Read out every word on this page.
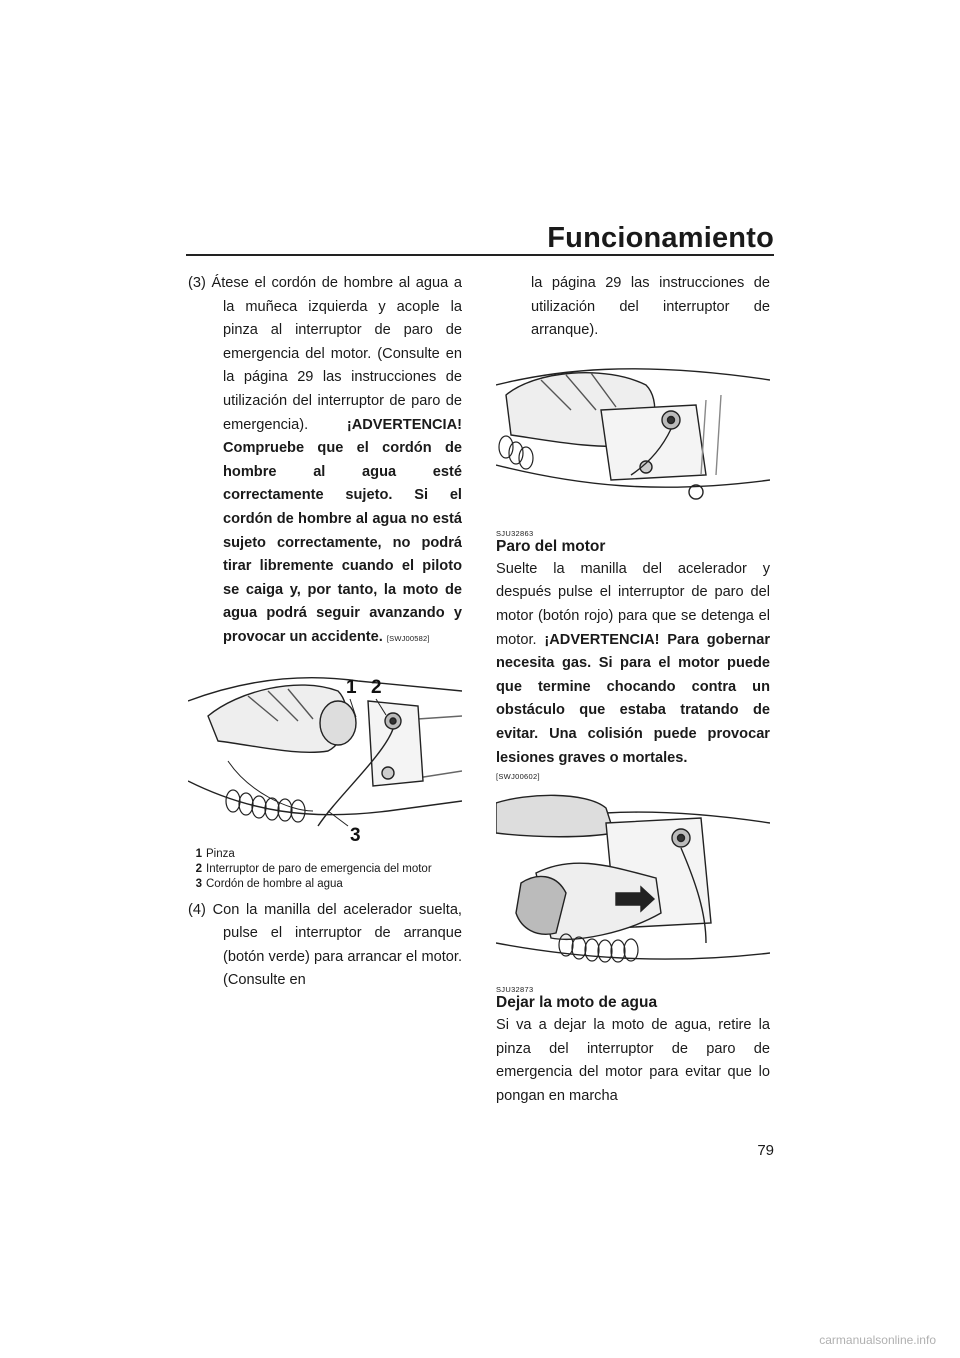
Funcionamiento

(3) Átese el cordón de hombre al agua a la muñeca izquierda y acople la pinza al interruptor de paro de emergencia del motor. (Consulte en la página 29 las instrucciones de utilización del interruptor de paro de emergencia).	¡ADVERTENCIA! Compruebe que el cordón de hombre al agua esté correctamente sujeto. Si el cordón de hombre al agua no está sujeto correctamente, no podrá tirar libremente cuando el piloto se caiga y, por tanto, la moto de agua podrá seguir avanzando y provocar un accidente. [SWJ00582]

1 2
3
1 Pinza
2 Interruptor de paro de emergencia del motor
3 Cordón de hombre al agua

(4) Con la manilla del acelerador suelta, pulse el interruptor de arranque (botón verde) para arrancar el motor. (Consulte en

la página 29 las instrucciones de utilización del interruptor de arranque).

SJU32863
Paro del motor

Suelte la manilla del acelerador y después pulse el interruptor de paro del motor (botón rojo) para que se detenga el motor. ¡ADVERTENCIA! Para gobernar necesita gas. Si para el motor puede que termine chocando contra un obstáculo que estaba tratando de evitar. Una colisión puede provocar lesiones graves o mortales.

[SWJ00602]
SJU32873
Dejar la moto de agua

Si va a dejar la moto de agua, retire la pinza del interruptor de paro de emergencia del motor para evitar que lo pongan en marcha

79
carmanualsonline.info
